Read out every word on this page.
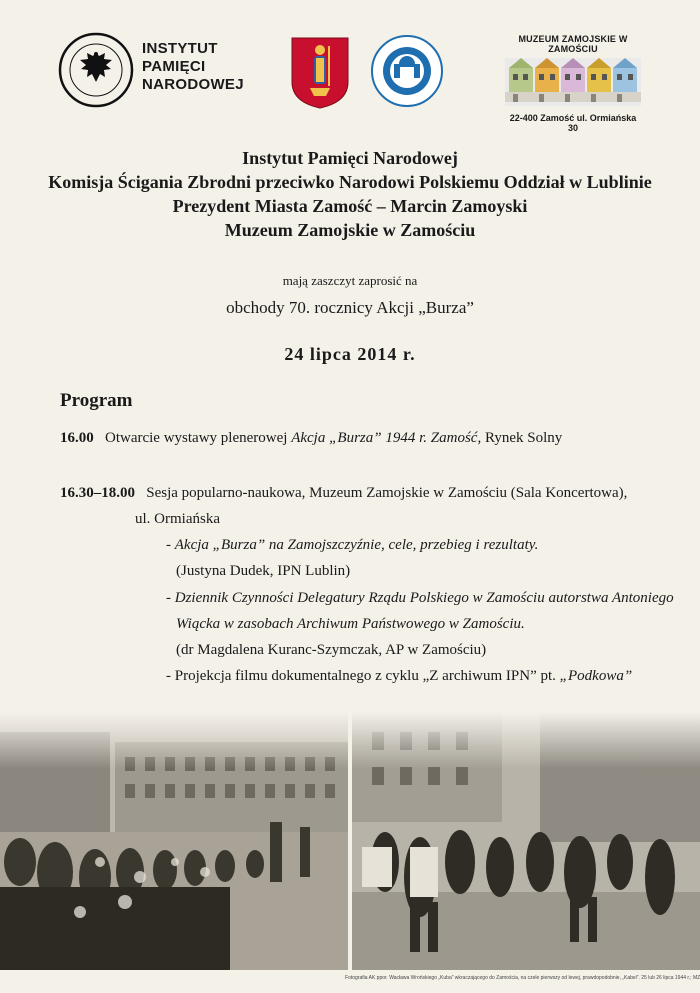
INSTYTUT
PAMIĘCI
NARODOWEJ
MUZEUM ZAMOJSKIE W ZAMOŚCIU
22-400 Zamość ul. Ormiańska 30
Instytut Pamięci Narodowej
Komisja Ścigania Zbrodni przeciwko Narodowi Polskiemu Oddział w Lublinie
Prezydent Miasta Zamość – Marcin Zamoyski
Muzeum Zamojskie w Zamościu
mają zaszczyt zaprosić na
obchody 70. rocznicy Akcji „Burza”
24 lipca 2014 r.
Program
16.00 Otwarcie wystawy plenerowej Akcja „Burza” 1944 r. Zamość, Rynek Solny
16.30–18.00 Sesja popularno-naukowa, Muzeum Zamojskie w Zamościu (Sala Koncertowa),
ul. Ormiańska
- Akcja „Burza” na Zamojszczyźnie, cele, przebieg i rezultaty.
(Justyna Dudek, IPN Lublin)
- Dziennik Czynności Delegatury Rządu Polskiego w Zamościu autorstwa Antoniego
Wiącka w zasobach Archiwum Państwowego w Zamościu.
(dr Magdalena Kuranc-Szymczak, AP w Zamościu)
- Projekcja filmu dokumentalnego z cyklu „Z archiwum IPN” pt. „Podkowa”
Fotografia AK ppor. Wacława Wrońskiego „Kuba” wkraczającego do Zamościa, na czele pierwszy od lewej, prawdopodobnie, „Kabel”. 25 lub 26 lipca 1944 r.; MZ
